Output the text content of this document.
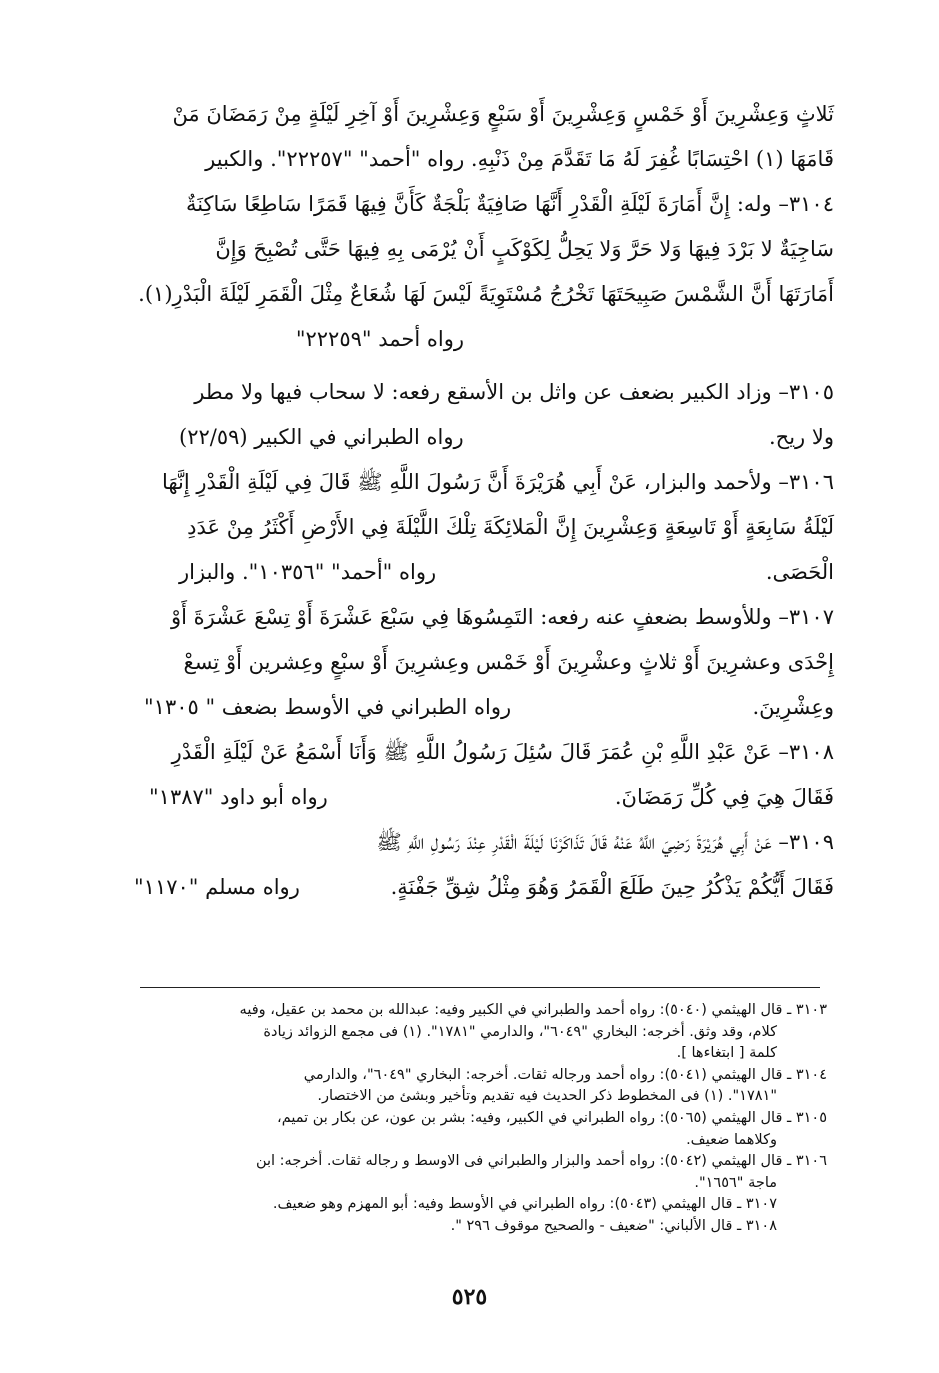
ثَلاثٍ وَعِشْرِينَ أَوْ خَمْسٍ وَعِشْرِينَ أَوْ سَبْعٍ وَعِشْرِينَ أَوْ آخِرِ لَيْلَةٍ مِنْ رَمَضَانَ مَنْ

قَامَهَا (١) احْتِسَابًا غُفِرَ لَهُ مَا تَقَدَّمَ مِنْ ذَنْبِهِ. رواه "أحمد" "٢٢٢٥٧". والكبير

٣١٠٤– وله: إِنَّ أَمَارَةَ لَيْلَةِ الْقَدْرِ أَنَّهَا صَافِيَةٌ بَلْجَةٌ كَأَنَّ فِيهَا قَمَرًا سَاطِعًا سَاكِنَةٌ

سَاجِيَةٌ لا بَرْدَ فِيهَا وَلا حَرَّ وَلا يَحِلُّ لِكَوْكَبٍ أَنْ يُرْمَى بِهِ فِيهَا حَتَّى تُصْبِحَ وَإِنَّ

أَمَارَتَهَا أَنَّ الشَّمْسَ صَبِيحَتَهَا تَخْرُجُ مُسْتَوِيَةً لَيْسَ لَهَا شُعَاعٌ مِثْلَ الْقَمَرِ لَيْلَةَ الْبَدْرِ(١).

رواه أحمد "٢٢٢٥٩"

٣١٠٥– وزاد الكبير بضعف عن واثل بن الأسقع رفعه: لا سحاب فيها ولا مطر

ولا ريح.
رواه الطبراني في الكبير (٢٢/٥٩)

٣١٠٦– ولأحمد والبزار، عَنْ أَبِي هُرَيْرَةَ أَنَّ رَسُولَ اللَّهِ ﷺ قَالَ فِي لَيْلَةِ الْقَدْرِ إِنَّهَا

لَيْلَةُ سَابِعَةٍ أَوْ تَاسِعَةٍ وَعِشْرِينَ إِنَّ الْمَلائِكَةَ تِلْكَ اللَّيْلَةَ فِي الأَرْضِ أَكْثَرُ مِنْ عَدَدِ

الْحَصَى.
رواه "أحمد" "١٠٣٥٦". والبزار

٣١٠٧– وللأوسط بضعفٍ عنه رفعه: التَمِسُوهَا فِي سَبْعَ عَشْرَةَ أَوْ تِسْعَ عَشْرَةَ أَوْ

إِحْدَى وعشرِينَ أَوْ ثلاثٍ وعشْرِينَ أَوْ خَمْس وعِشرِينَ أَوْ سبْعٍ وعِشرين أَوْ تِسعْ

وعِشْرِينَ.
رواه الطبراني في الأوسط بضعف " ١٣٠٥"

٣١٠٨– عَنْ عَبْدِ اللَّهِ بْنِ عُمَرَ قَالَ سُئِلَ رَسُولُ اللَّهِ ﷺ وَأَنَا أَسْمَعُ عَنْ لَيْلَةِ الْقَدْرِ

فَقَالَ هِيَ فِي كُلِّ رَمَضَانَ.
رواه أبو داود "١٣٨٧"

٣١٠٩– عَنْ أَبِي هُرَيْرَةَ رَضِيَ اللَّهُ عَنْهُ قَالَ تَذَاكَرْنَا لَيْلَةَ الْقَدْرِ عِنْدَ رَسُولِ اللَّهِ ﷺ

فَقَالَ أَيُّكُمْ يَذْكُرُ حِينَ طَلَعَ الْقَمَرُ وَهُوَ مِثْلُ شِقِّ جَفْنَةٍ.
رواه مسلم "١١٧٠"

٣١٠٣ ـ قال الهيثمي (٥٠٤٠): رواه أحمد والطبراني في الكبير وفيه: عبدالله بن محمد بن عقيل، وفيه

كلام، وقد وثق. أخرجه: البخاري "٦٠٤٩"، والدارمي "١٧٨١". (١) فى مجمع الزوائد زيادة

كلمة [ ابتغاءها ].

٣١٠٤ ـ قال الهيثمي (٥٠٤١): رواه أحمد ورجاله ثقات. أخرجه: البخاري "٦٠٤٩"، والدارمي

"١٧٨١". (١) فى المخطوط ذكر الحديث فيه تقديم وتأخير وبشئ من الاختصار.

٣١٠٥ ـ قال الهيثمي (٥٠٦٥): رواه الطبراني في الكبير، وفيه: بشر بن عون، عن بكار بن تميم،

وكلاهما ضعيف.

٣١٠٦ ـ قال الهيثمي (٥٠٤٢): رواه أحمد والبزار والطبراني فى الاوسط و رجاله ثقات. أخرجه: ابن

ماجة "١٦٥٦".

٣١٠٧ ـ قال الهيثمي (٥٠٤٣): رواه الطبراني في الأوسط وفيه: أبو المهزم وهو ضعيف.

٣١٠٨ ـ قال الألباني: "ضعيف - والصحيح موقوف ٢٩٦ ".

٥٢٥
